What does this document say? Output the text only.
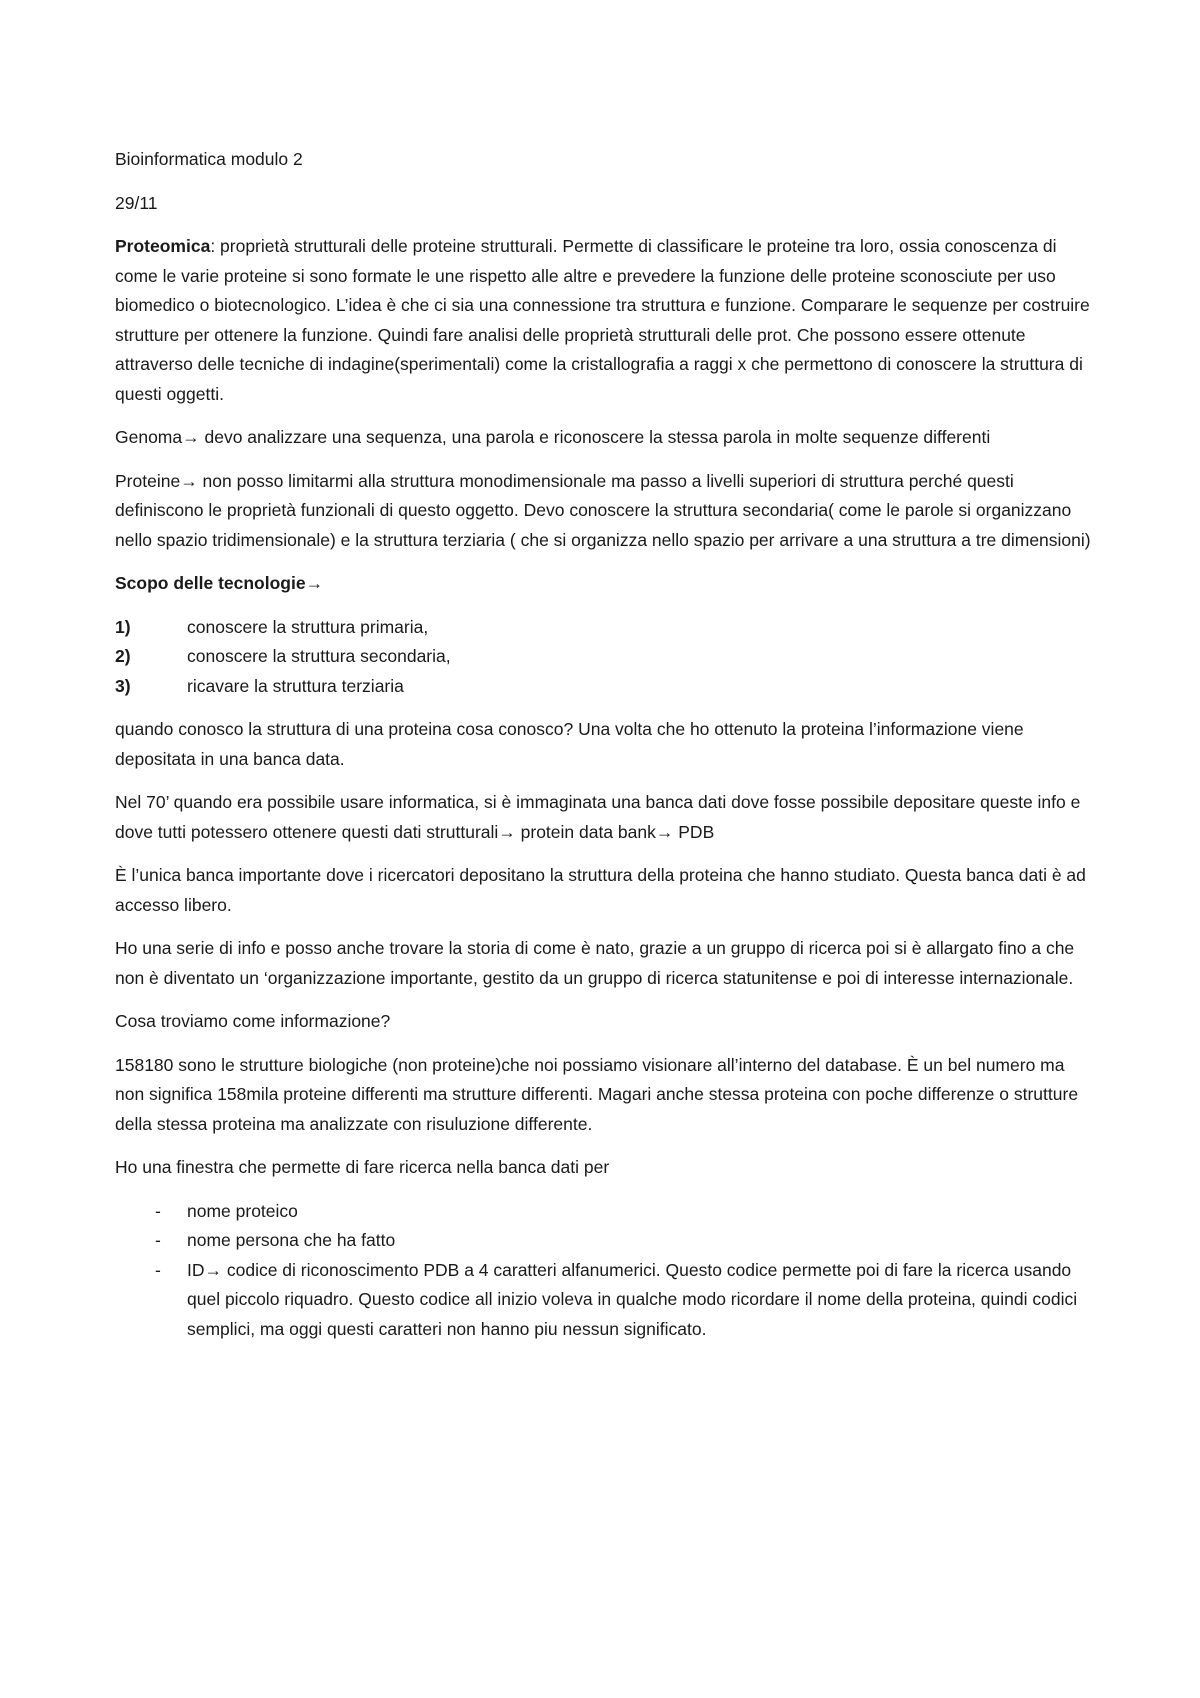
Bioinformatica modulo 2

29/11

Proteomica: proprietà strutturali delle proteine strutturali. Permette di classificare le proteine tra loro, ossia conoscenza di come le varie proteine si sono formate le une rispetto alle altre e prevedere la funzione delle proteine sconosciute per uso biomedico o biotecnologico. L’idea è che ci sia una connessione tra struttura e funzione. Comparare le sequenze per costruire strutture per ottenere la funzione. Quindi fare analisi delle proprietà strutturali delle prot. Che possono essere ottenute attraverso delle tecniche di indagine(sperimentali) come la cristallografia a raggi x che permettono di conoscere la struttura di questi oggetti.

Genoma→ devo analizzare una sequenza, una parola e riconoscere la stessa parola in molte sequenze differenti

Proteine→ non posso limitarmi alla struttura monodimensionale ma passo a livelli superiori di struttura perché questi definiscono le proprietà funzionali di questo oggetto. Devo conoscere la struttura secondaria( come le parole si organizzano nello spazio tridimensionale) e la struttura terziaria ( che si organizza nello spazio per arrivare a una struttura a tre dimensioni)

Scopo delle tecnologie→

1)	conoscere la struttura primaria,
2)	conoscere la struttura secondaria,
3)	ricavare la struttura terziaria

quando conosco la struttura di una proteina cosa conosco? Una volta che ho ottenuto la proteina l’informazione viene depositata in una banca data.

Nel 70’ quando era possibile usare informatica, si è immaginata una banca dati dove fosse possibile depositare queste info e dove tutti potessero ottenere questi dati strutturali→ protein data bank→ PDB

È l’unica banca importante dove i ricercatori depositano la struttura della proteina che hanno studiato. Questa banca dati è ad accesso libero.

Ho una serie di info e posso anche trovare la storia di come è nato, grazie a un gruppo di ricerca poi si è allargato fino a che non è diventato un ‘organizzazione importante, gestito da un gruppo di ricerca statunitense e poi di interesse internazionale.

Cosa troviamo come informazione?

158180 sono le strutture biologiche (non proteine)che noi possiamo visionare all’interno del database. È un bel numero ma non significa 158mila proteine differenti ma strutture differenti. Magari anche stessa proteina con poche differenze o strutture della stessa proteina ma analizzate con risuluzione differente.

Ho una finestra che permette di fare ricerca nella banca dati per

- nome proteico
- nome persona che ha fatto
- ID→ codice di riconoscimento PDB a 4 caratteri alfanumerici. Questo codice permette poi di fare la ricerca usando quel piccolo riquadro. Questo codice all inizio voleva in qualche modo ricordare il nome della proteina, quindi codici semplici, ma oggi questi caratteri non hanno piu nessun significato.
